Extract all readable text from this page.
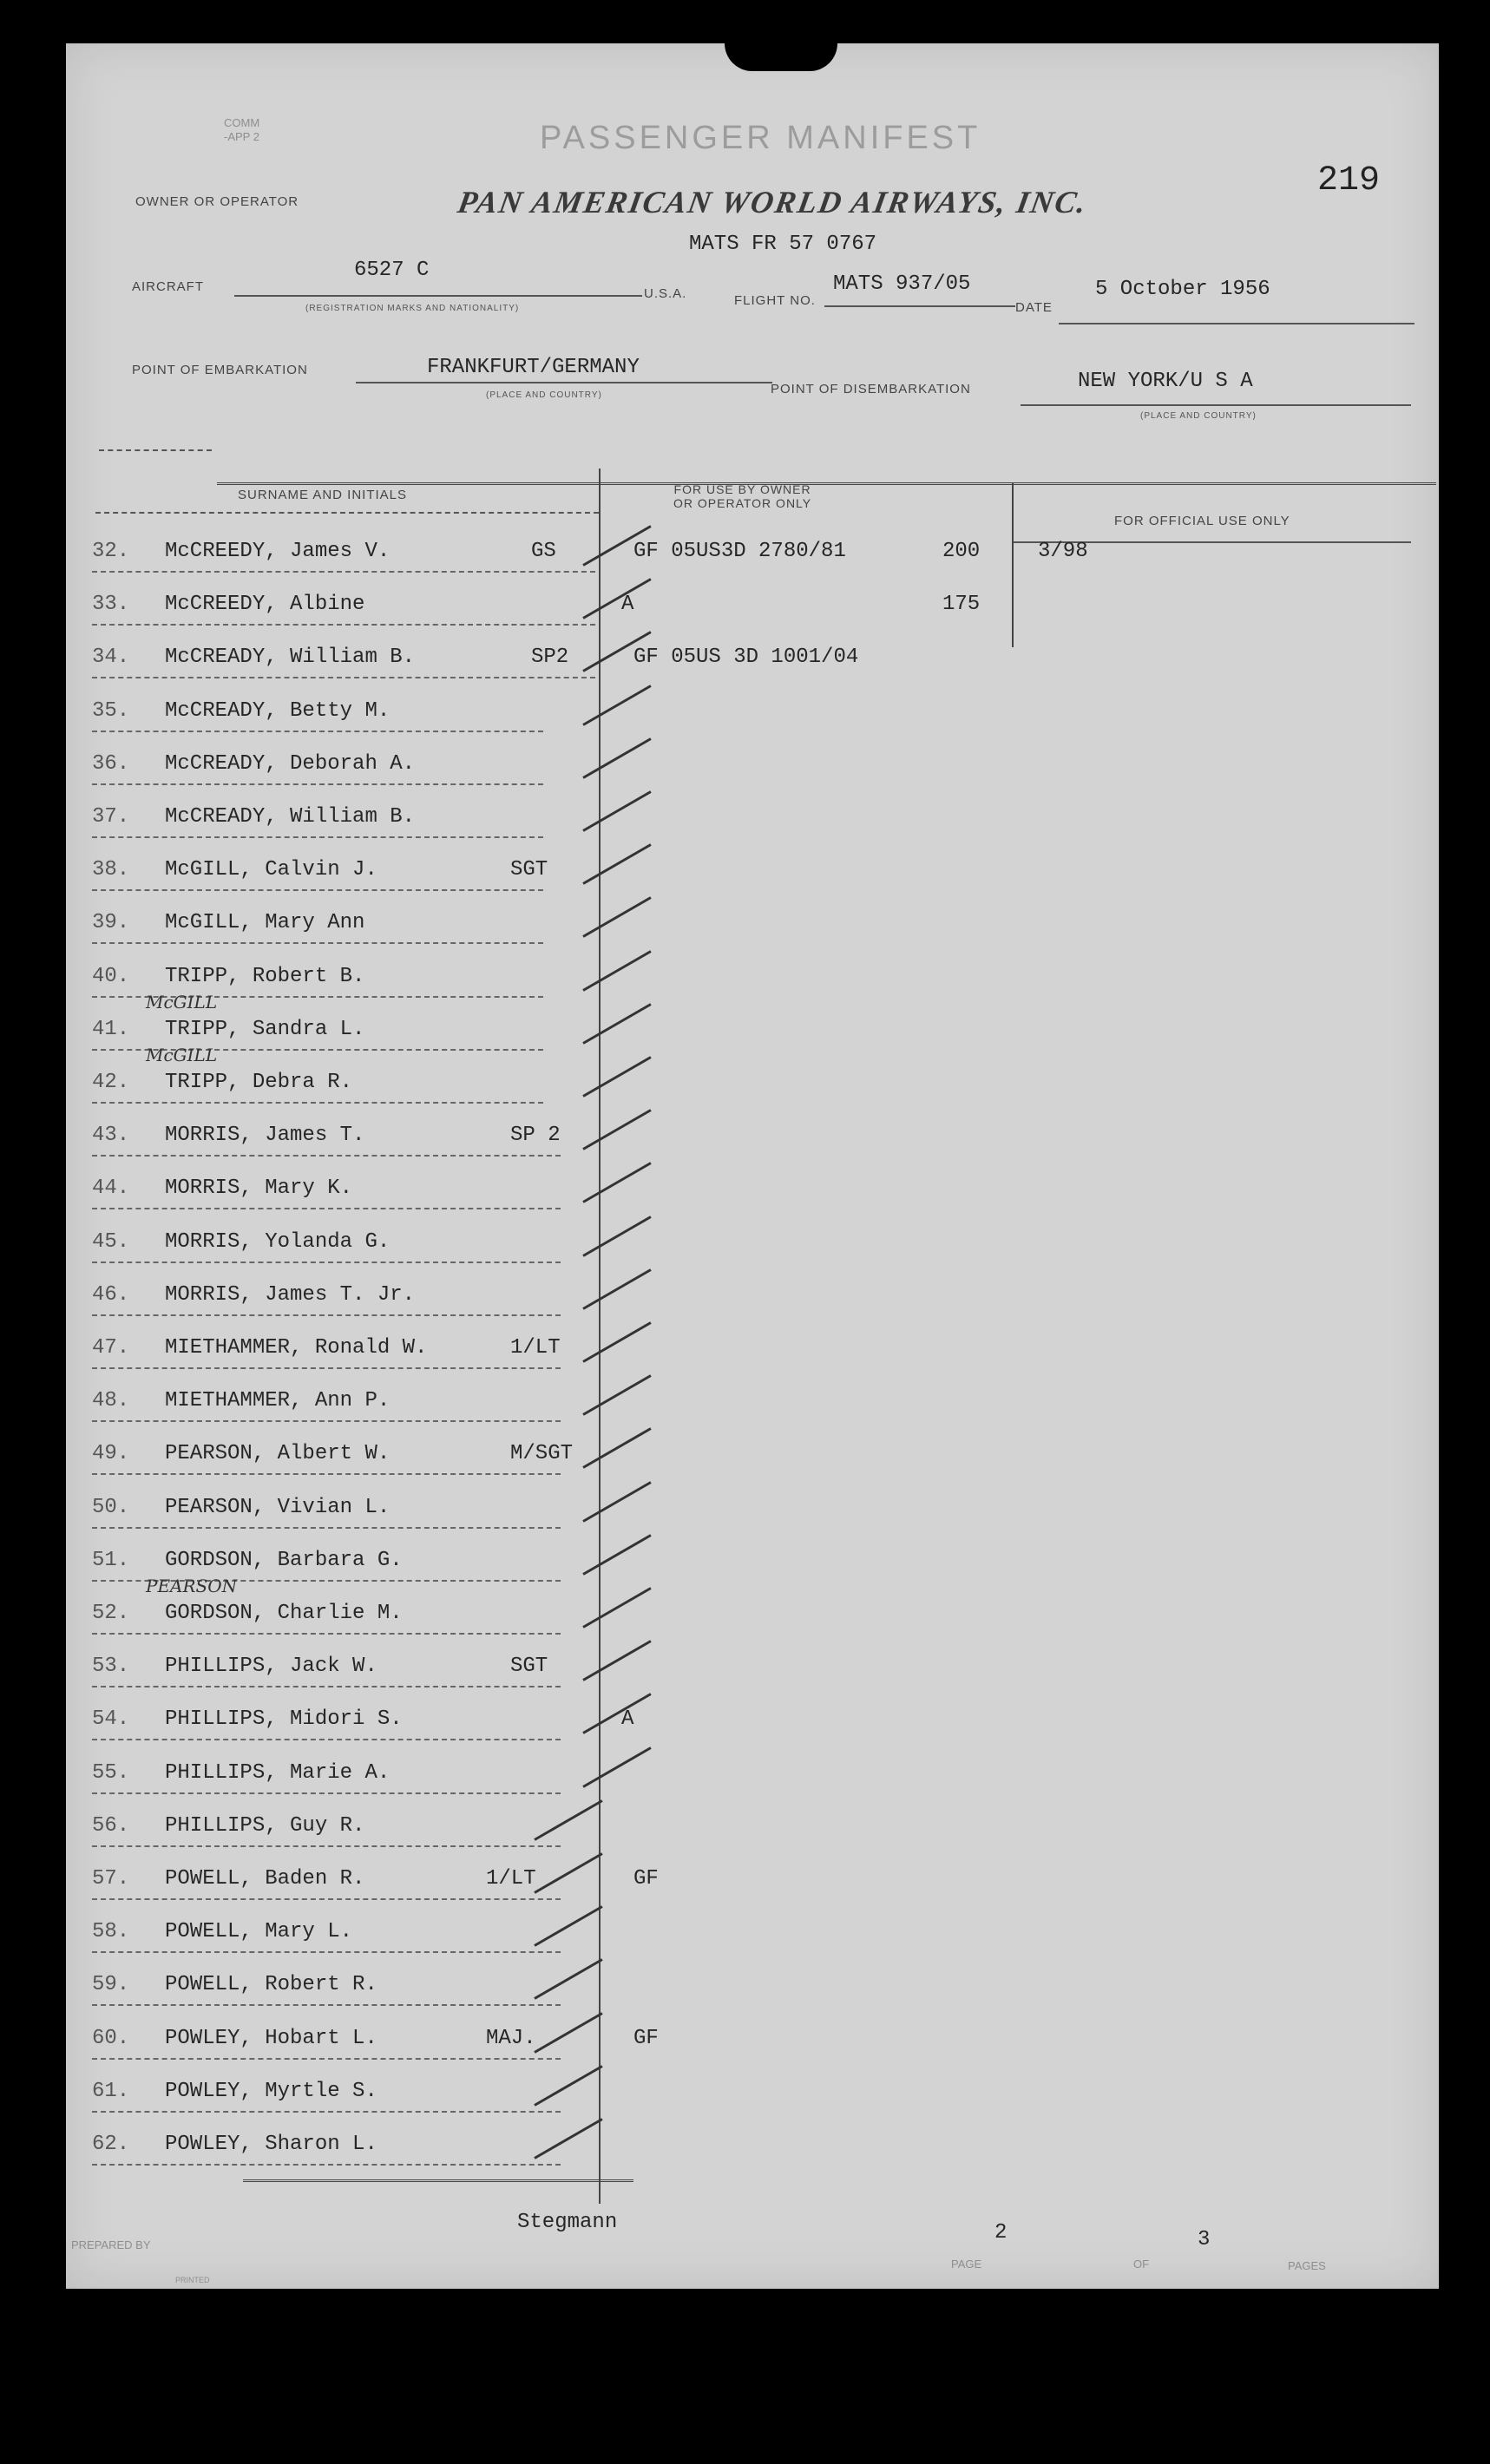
COMM
-APP 2	PASSENGER MANIFEST
219
OWNER OR OPERATOR	PAN AMERICAN WORLD AIRWAYS, INC.
MATS FR 57 0767
AIRCRAFT
6527 C
(REGISTRATION MARKS AND NATIONALITY)
U.S.A.	FLIGHT NO.
MATS 937/05
DATE
5 October 1956
POINT OF EMBARKATION	FRANKFURT/GERMANY
(PLACE AND COUNTRY)	POINT OF DISEMBARKATION	NEW YORK/U S A
(PLACE AND COUNTRY)
SURNAME AND INITIALS	FOR USE BY OWNER
OR OPERATOR ONLY
FOR OFFICIAL USE ONLY
32. McCREEDY, James V.	GS	GF 05US3D 2780/81	200	3/98
33. McCREEDY, Albine	A	175
34. McCREADY, William B.	SP2	GF 05US 3D 1001/04
35. McCREADY, Betty M.
36. McCREADY, Deborah A.
37. McCREADY, William B.
38. McGILL, Calvin J.	SGT
39. McGILL, Mary Ann
40. TRIPP, Robert B.
41. TRIPP, Sandra L.
McGILL
42. TRIPP, Debra R.
McGILL
43. MORRIS, James T.	SP 2
44. MORRIS, Mary K.
45. MORRIS, Yolanda G.
46. MORRIS, James T. Jr.
47. MIETHAMMER, Ronald W.	1/LT
48. MIETHAMMER, Ann P.
49. PEARSON, Albert W.	M/SGT
50. PEARSON, Vivian L.
51. GORDSON, Barbara G.
52. GORDSON, Charlie M.
PEARSON
53. PHILLIPS, Jack W.	SGT
54. PHILLIPS, Midori S.	A
55. PHILLIPS, Marie A.
56. PHILLIPS, Guy R.
57. POWELL, Baden R.	1/LT	GF
58. POWELL, Mary L.
59. POWELL, Robert R.
60. POWLEY, Hobart L.	MAJ.	GF
61. POWLEY, Myrtle S.
62. POWLEY, Sharon L.
PREPARED BY
Stegmann	2
PAGE	OF
3
PAGES
PRINTED
